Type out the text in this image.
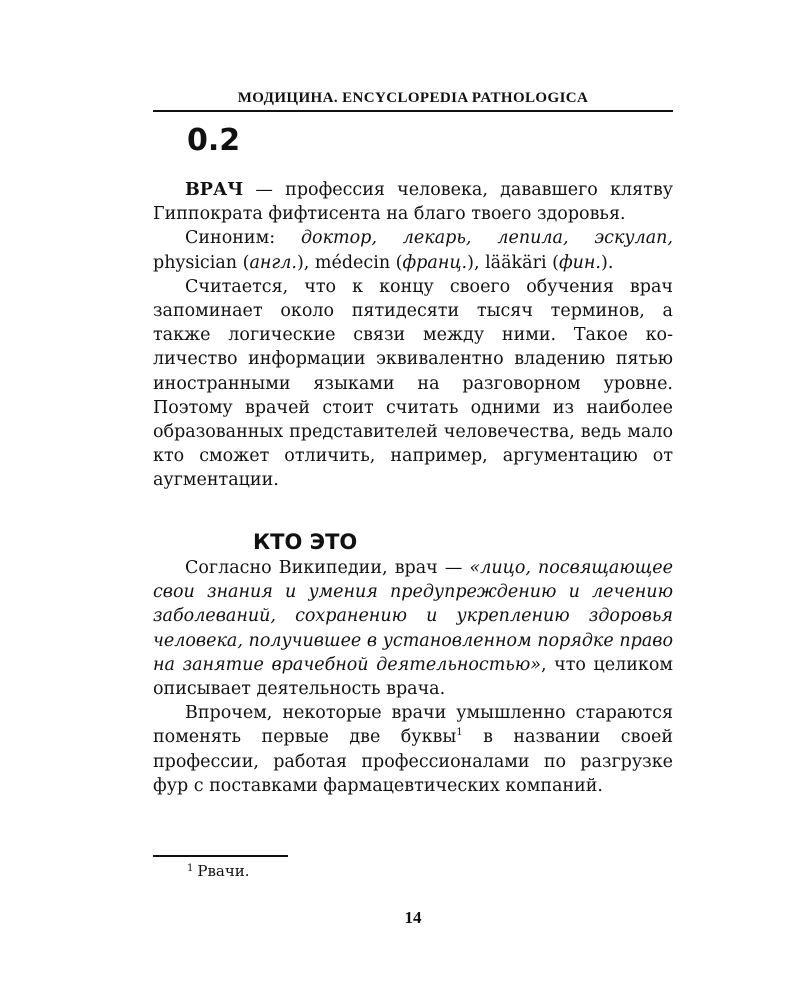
МОДИЦИНА. ENCYCLOPEDIA PATHOLOGICA
0.2

ВРАЧ — профессия человека, дававшего клятву Гиппократа фифтисента на благо твоего здоровья.

Синоним: доктор, лекарь, лепила, эскулап, physician (англ.), médecin (франц.), lääkäri (фин.).

Считается, что к концу своего обучения врач запоминает около пятидесяти тысяч терминов, а также логические связи между ними. Такое количество информации эквивалентно владению пятью иностранными языками на разговорном уровне. Поэтому врачей стоит считать одними из наиболее образованных представителей человечества, ведь мало кто сможет отличить, например, аргументацию от аугментации.

КТО ЭТО

Согласно Википедии, врач — «лицо, посвящающее свои знания и умения предупреждению и лечению заболеваний, сохранению и укреплению здоровья человека, получившее в установленном порядке право на занятие врачебной деятельностью», что целиком описывает деятельность врача.

Впрочем, некоторые врачи умышленно стараются поменять первые две буквы$^1$ в названии своей профессии, работая профессионалами по разгрузке фур с поставками фармацевтических компаний.

$^1$ Рвачи.
14
